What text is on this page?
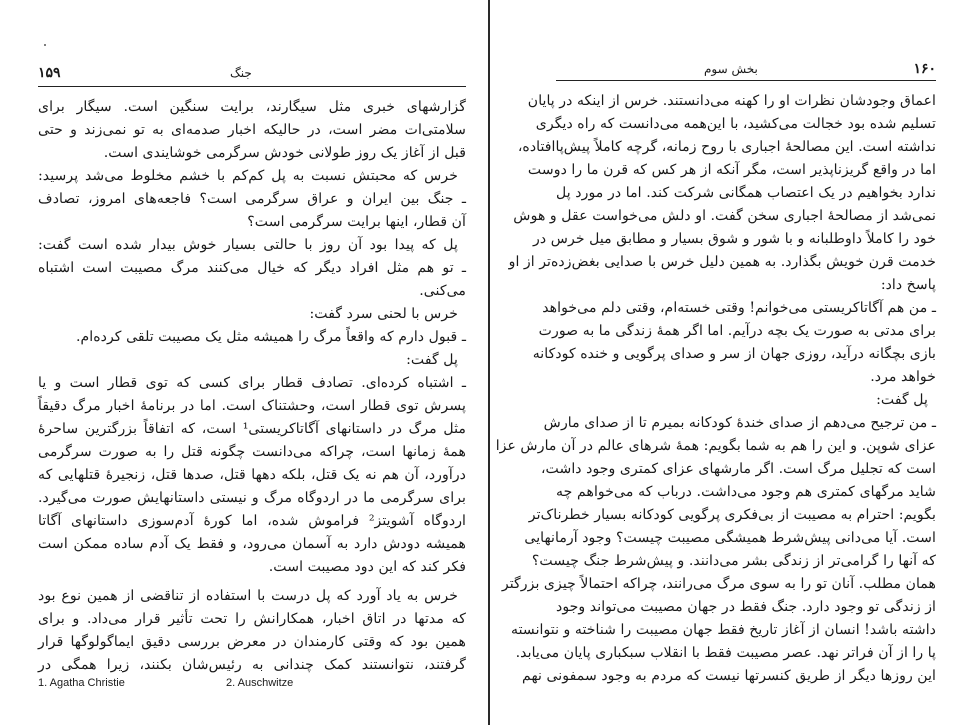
۱۵۹	جنگ
گزارشهای خبری مثل سیگارند، برایت سنگین است. سیگار برای
سلامتی‌ات مضر است، در حالیکه اخبار صدمه‌ای به تو نمی‌زند و حتی
قبل از آغاز یک روز طولانی خودش سرگرمی خوشایندی است.
خرس که محبتش نسبت به پل کم‌کم با خشم مخلوط می‌شد پرسید:
ـ جنگ بین ایران و عراق سرگرمی است؟ فاجعه‌های امروز، تصادف
آن قطار، اینها برایت سرگرمی است؟
پل که پیدا بود آن روز با حالتی بسیار خوش بیدار شده است گفت:
ـ تو هم مثل افراد دیگر که خیال می‌کنند مرگ مصیبت است اشتباه
می‌کنی.
خرس با لحنی سرد گفت:
ـ قبول دارم که واقعاً مرگ را همیشه مثل یک مصیبت تلقی کرده‌ام.
پل گفت:
ـ اشتباه کرده‌ای. تصادف قطار برای کسی که توی قطار است و یا
پسرش توی قطار است، وحشتناک است. اما در برنامهٔ اخبار مرگ دقیقاً
مثل مرگ در داستانهای آگاتاکریستی¹ است، که اتفاقاً بزرگترین ساحرهٔ
همهٔ زمانها است، چراکه می‌دانست چگونه قتل را به صورت سرگرمی
درآورد، آن هم نه یک قتل، بلکه دهها قتل، صدها قتل، زنجیرهٔ قتلهایی که
برای سرگرمی ما در اردوگاه مرگ و نیستی داستانهایش صورت می‌گیرد.
اردوگاه آشویتز² فراموش شده، اما کورهٔ آدم‌سوزی داستانهای آگاتا
همیشه دودش دارد به آسمان می‌رود، و فقط یک آدم ساده ممکن است
فکر کند که این دود مصیبت است.
خرس به یاد آورد که پل درست با استفاده از تناقضی از همین نوع بود
که مدتها در اتاق اخبار، همکارانش را تحت تأثیر قرار می‌داد. و برای
همین بود که وقتی کارمندان در معرض بررسی دقیق ایماگولوگها قرار
گرفتند، نتوانستند کمک چندانی به رئیس‌شان بکنند، زیرا همگی در
1. Agatha Christie	2. Auschwitze
بخش سوم	۱۶۰
اعماق وجودشان نظرات او را کهنه می‌دانستند. خرس از اینکه در پایان
تسلیم شده بود خجالت می‌کشید، با این‌همه می‌دانست که راه دیگری
نداشته است. این مصالحهٔ اجباری با روح زمانه، گرچه کاملاً پیش‌پاافتاده،
اما در واقع گریزناپذیر است، مگر آنکه از هر کس که قرن ما را دوست
ندارد بخواهیم در یک اعتصاب همگانی شرکت کند. اما در مورد پل
نمی‌شد از مصالحهٔ اجباری سخن گفت. او دلش می‌خواست عقل و هوش
خود را کاملاً داوطلبانه و با شور و شوق بسیار و مطابق میل خرس در
خدمت قرن خویش بگذارد. به همین دلیل خرس با صدایی بغض‌زده‌تر از او
پاسخ داد:
ـ من هم آگاتاکریستی می‌خوانم! وقتی خسته‌ام، وقتی دلم می‌خواهد
برای مدتی به صورت یک بچه درآیم. اما اگر همهٔ زندگی ما به صورت
بازی بچگانه درآید، روزی جهان از سر و صدای پرگویی و خنده کودکانه
خواهد مرد.
پل گفت:
ـ من ترجیح می‌دهم از صدای خندهٔ کودکانه بمیرم تا از صدای مارش
عزای شوپن. و این را هم به شما بگویم: همهٔ شرهای عالم در آن مارش عزا
است که تجلیل مرگ است. اگر مارشهای عزای کمتری وجود داشت،
شاید مرگهای کمتری هم وجود می‌داشت. درباب که می‌خواهم چه
بگویم: احترام به مصیبت از بی‌فکری پرگویی کودکانه بسیار خطرناک‌تر
است. آیا می‌دانی پیش‌شرط همیشگی مصیبت چیست؟ وجود آرمانهایی
که آنها را گرامی‌تر از زندگی بشر می‌دانند. و پیش‌شرط جنگ چیست؟
همان مطلب. آنان تو را به سوی مرگ می‌رانند، چراکه احتمالاً چیزی بزرگتر
از زندگی تو وجود دارد. جنگ فقط در جهان مصیبت می‌تواند وجود
داشته باشد! انسان از آغاز تاریخ فقط جهان مصیبت را شناخته و نتوانسته
پا را از آن فراتر نهد. عصر مصیبت فقط با انقلاب سبکباری پایان می‌یابد.
این روزها دیگر از طریق کنسرتها نیست که مردم به وجود سمفونی نهم
